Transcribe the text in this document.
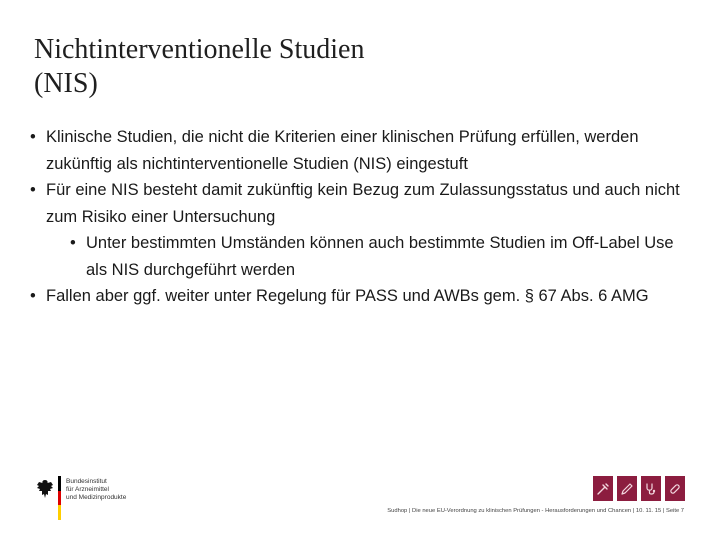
Nichtinterventionelle Studien
(NIS)
• Klinische Studien, die nicht die Kriterien einer klinischen Prüfung erfüllen, werden zukünftig als nichtinterventionelle Studien (NIS) eingestuft
• Für eine NIS besteht damit zukünftig kein Bezug zum Zulassungsstatus und auch nicht zum Risiko einer Untersuchung
• Unter bestimmten Umständen können auch bestimmte Studien im Off-Label Use als NIS durchgeführt werden
• Fallen aber ggf. weiter unter Regelung für PASS und AWBs gem. § 67 Abs. 6 AMG
Bundesinstitut
für Arzneimittel
und Medizinprodukte
Sudhop | Die neue EU-Verordnung zu klinischen Prüfungen - Herausforderungen und Chancen | 10. 11. 15 | Seite 7
